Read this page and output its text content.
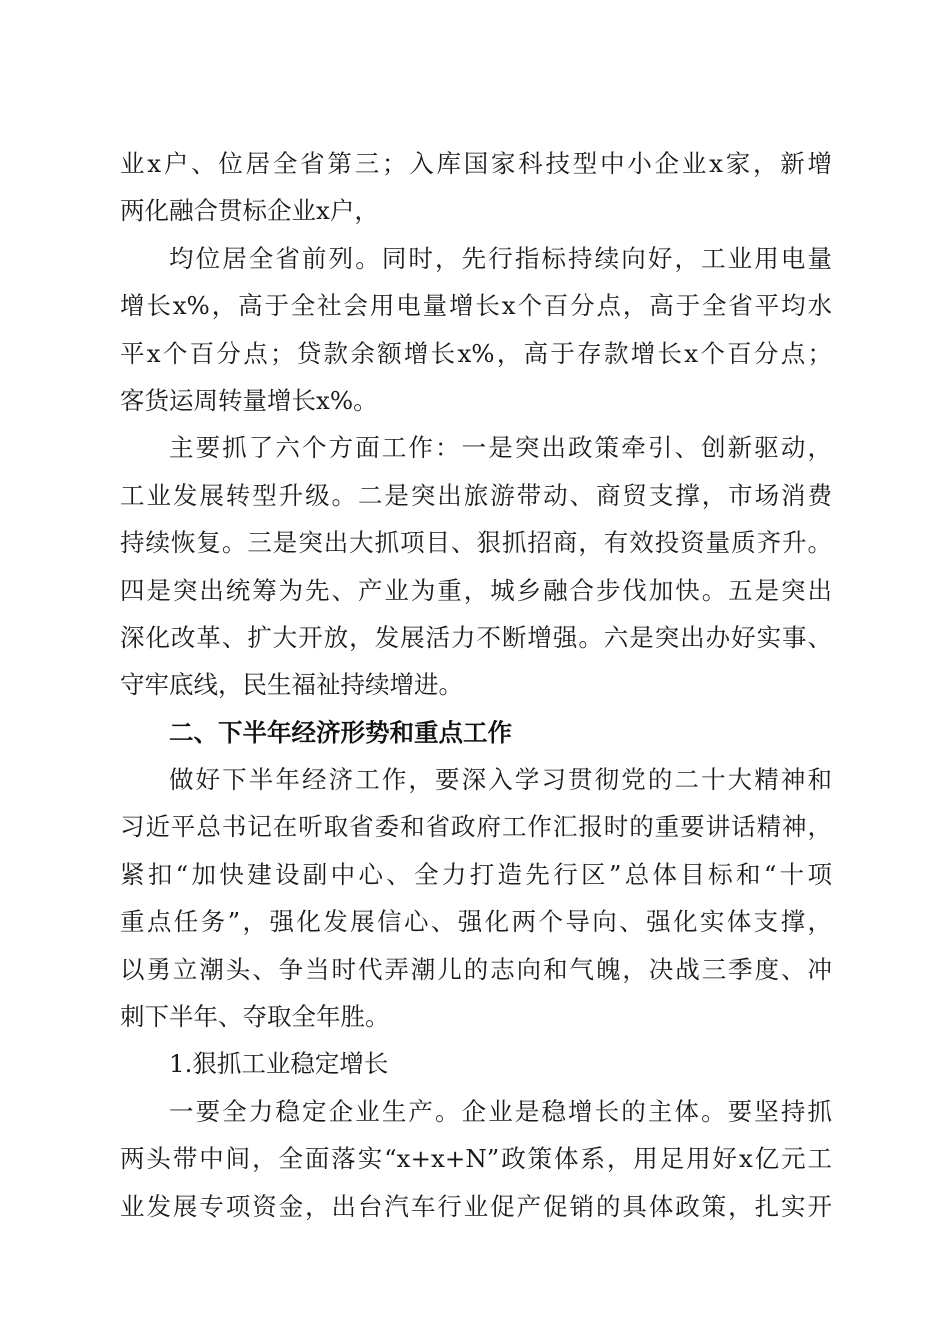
业x户、位居全省第三；入库国家科技型中小企业x家，新增
两化融合贯标企业x户，
均位居全省前列。同时，先行指标持续向好，工业用电量
增长x%，高于全社会用电量增长x个百分点，高于全省平均水
平x个百分点；贷款余额增长x%，高于存款增长x个百分点；
客货运周转量增长x%。
主要抓了六个方面工作：一是突出政策牵引、创新驱动，
工业发展转型升级。二是突出旅游带动、商贸支撑，市场消费
持续恢复。三是突出大抓项目、狠抓招商，有效投资量质齐升。
四是突出统筹为先、产业为重，城乡融合步伐加快。五是突出
深化改革、扩大开放，发展活力不断增强。六是突出办好实事、
守牢底线，民生福祉持续增进。
二、下半年经济形势和重点工作
做好下半年经济工作，要深入学习贯彻党的二十大精神和
习近平总书记在听取省委和省政府工作汇报时的重要讲话精神，
紧扣“加快建设副中心、全力打造先行区”总体目标和“十项
重点任务”，强化发展信心、强化两个导向、强化实体支撑，
以勇立潮头、争当时代弄潮儿的志向和气魄，决战三季度、冲
刺下半年、夺取全年胜。
1.狠抓工业稳定增长
一要全力稳定企业生产。企业是稳增长的主体。要坚持抓
两头带中间，全面落实“x+x+N”政策体系，用足用好x亿元工
业发展专项资金，出台汽车行业促产促销的具体政策，扎实开
